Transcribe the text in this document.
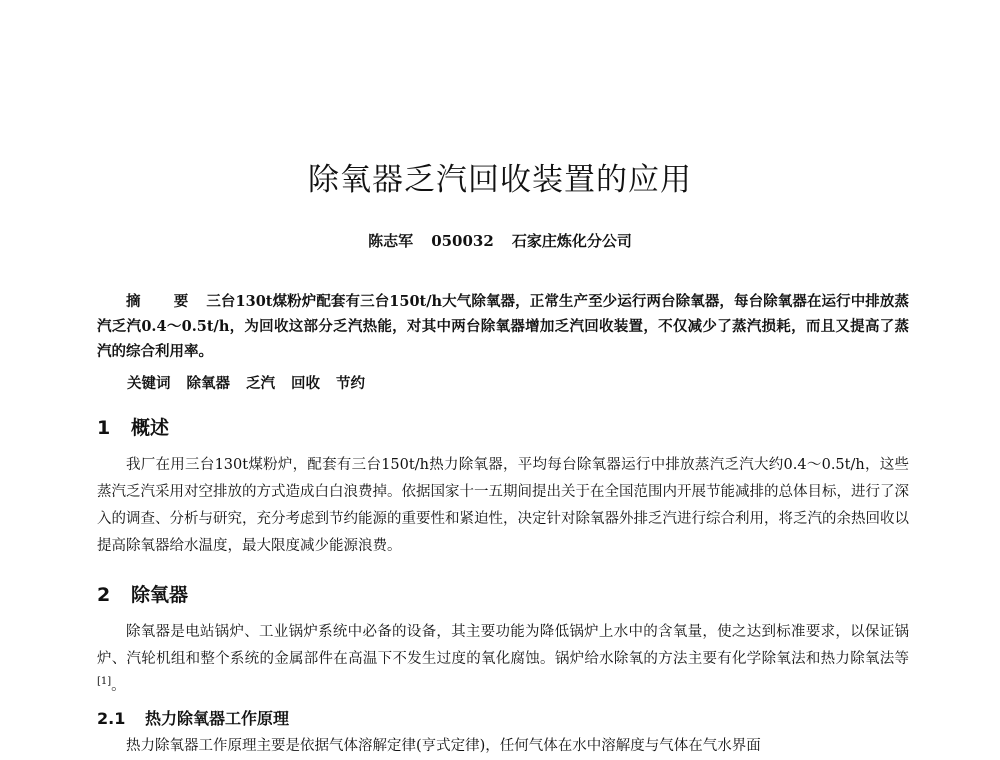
除氧器乏汽回收装置的应用
陈志军 050032 石家庄炼化分公司
摘 要 三台130t煤粉炉配套有三台150t/h大气除氧器，正常生产至少运行两台除氧器，每台除氧器在运行中排放蒸汽乏汽0.4～0.5t/h，为回收这部分乏汽热能，对其中两台除氧器增加乏汽回收装置，不仅减少了蒸汽损耗，而且又提高了蒸汽的综合利用率。
关键词 除氧器 乏汽 回收 节约
1 概述
我厂在用三台130t煤粉炉，配套有三台150t/h热力除氧器，平均每台除氧器运行中排放蒸汽乏汽大约0.4～0.5t/h，这些蒸汽乏汽采用对空排放的方式造成白白浪费掉。依据国家十一五期间提出关于在全国范围内开展节能减排的总体目标，进行了深入的调查、分析与研究，充分考虑到节约能源的重要性和紧迫性，决定针对除氧器外排乏汽进行综合利用，将乏汽的余热回收以提高除氧器给水温度，最大限度减少能源浪费。
2 除氧器
除氧器是电站锅炉、工业锅炉系统中必备的设备，其主要功能为降低锅炉上水中的含氧量，使之达到标准要求，以保证锅炉、汽轮机组和整个系统的金属部件在高温下不发生过度的氧化腐蚀。锅炉给水除氧的方法主要有化学除氧法和热力除氧法等[1]。
2.1 热力除氧器工作原理
热力除氧器工作原理主要是依据气体溶解定律(亨式定律)，任何气体在水中溶解度与气体在气水界面
